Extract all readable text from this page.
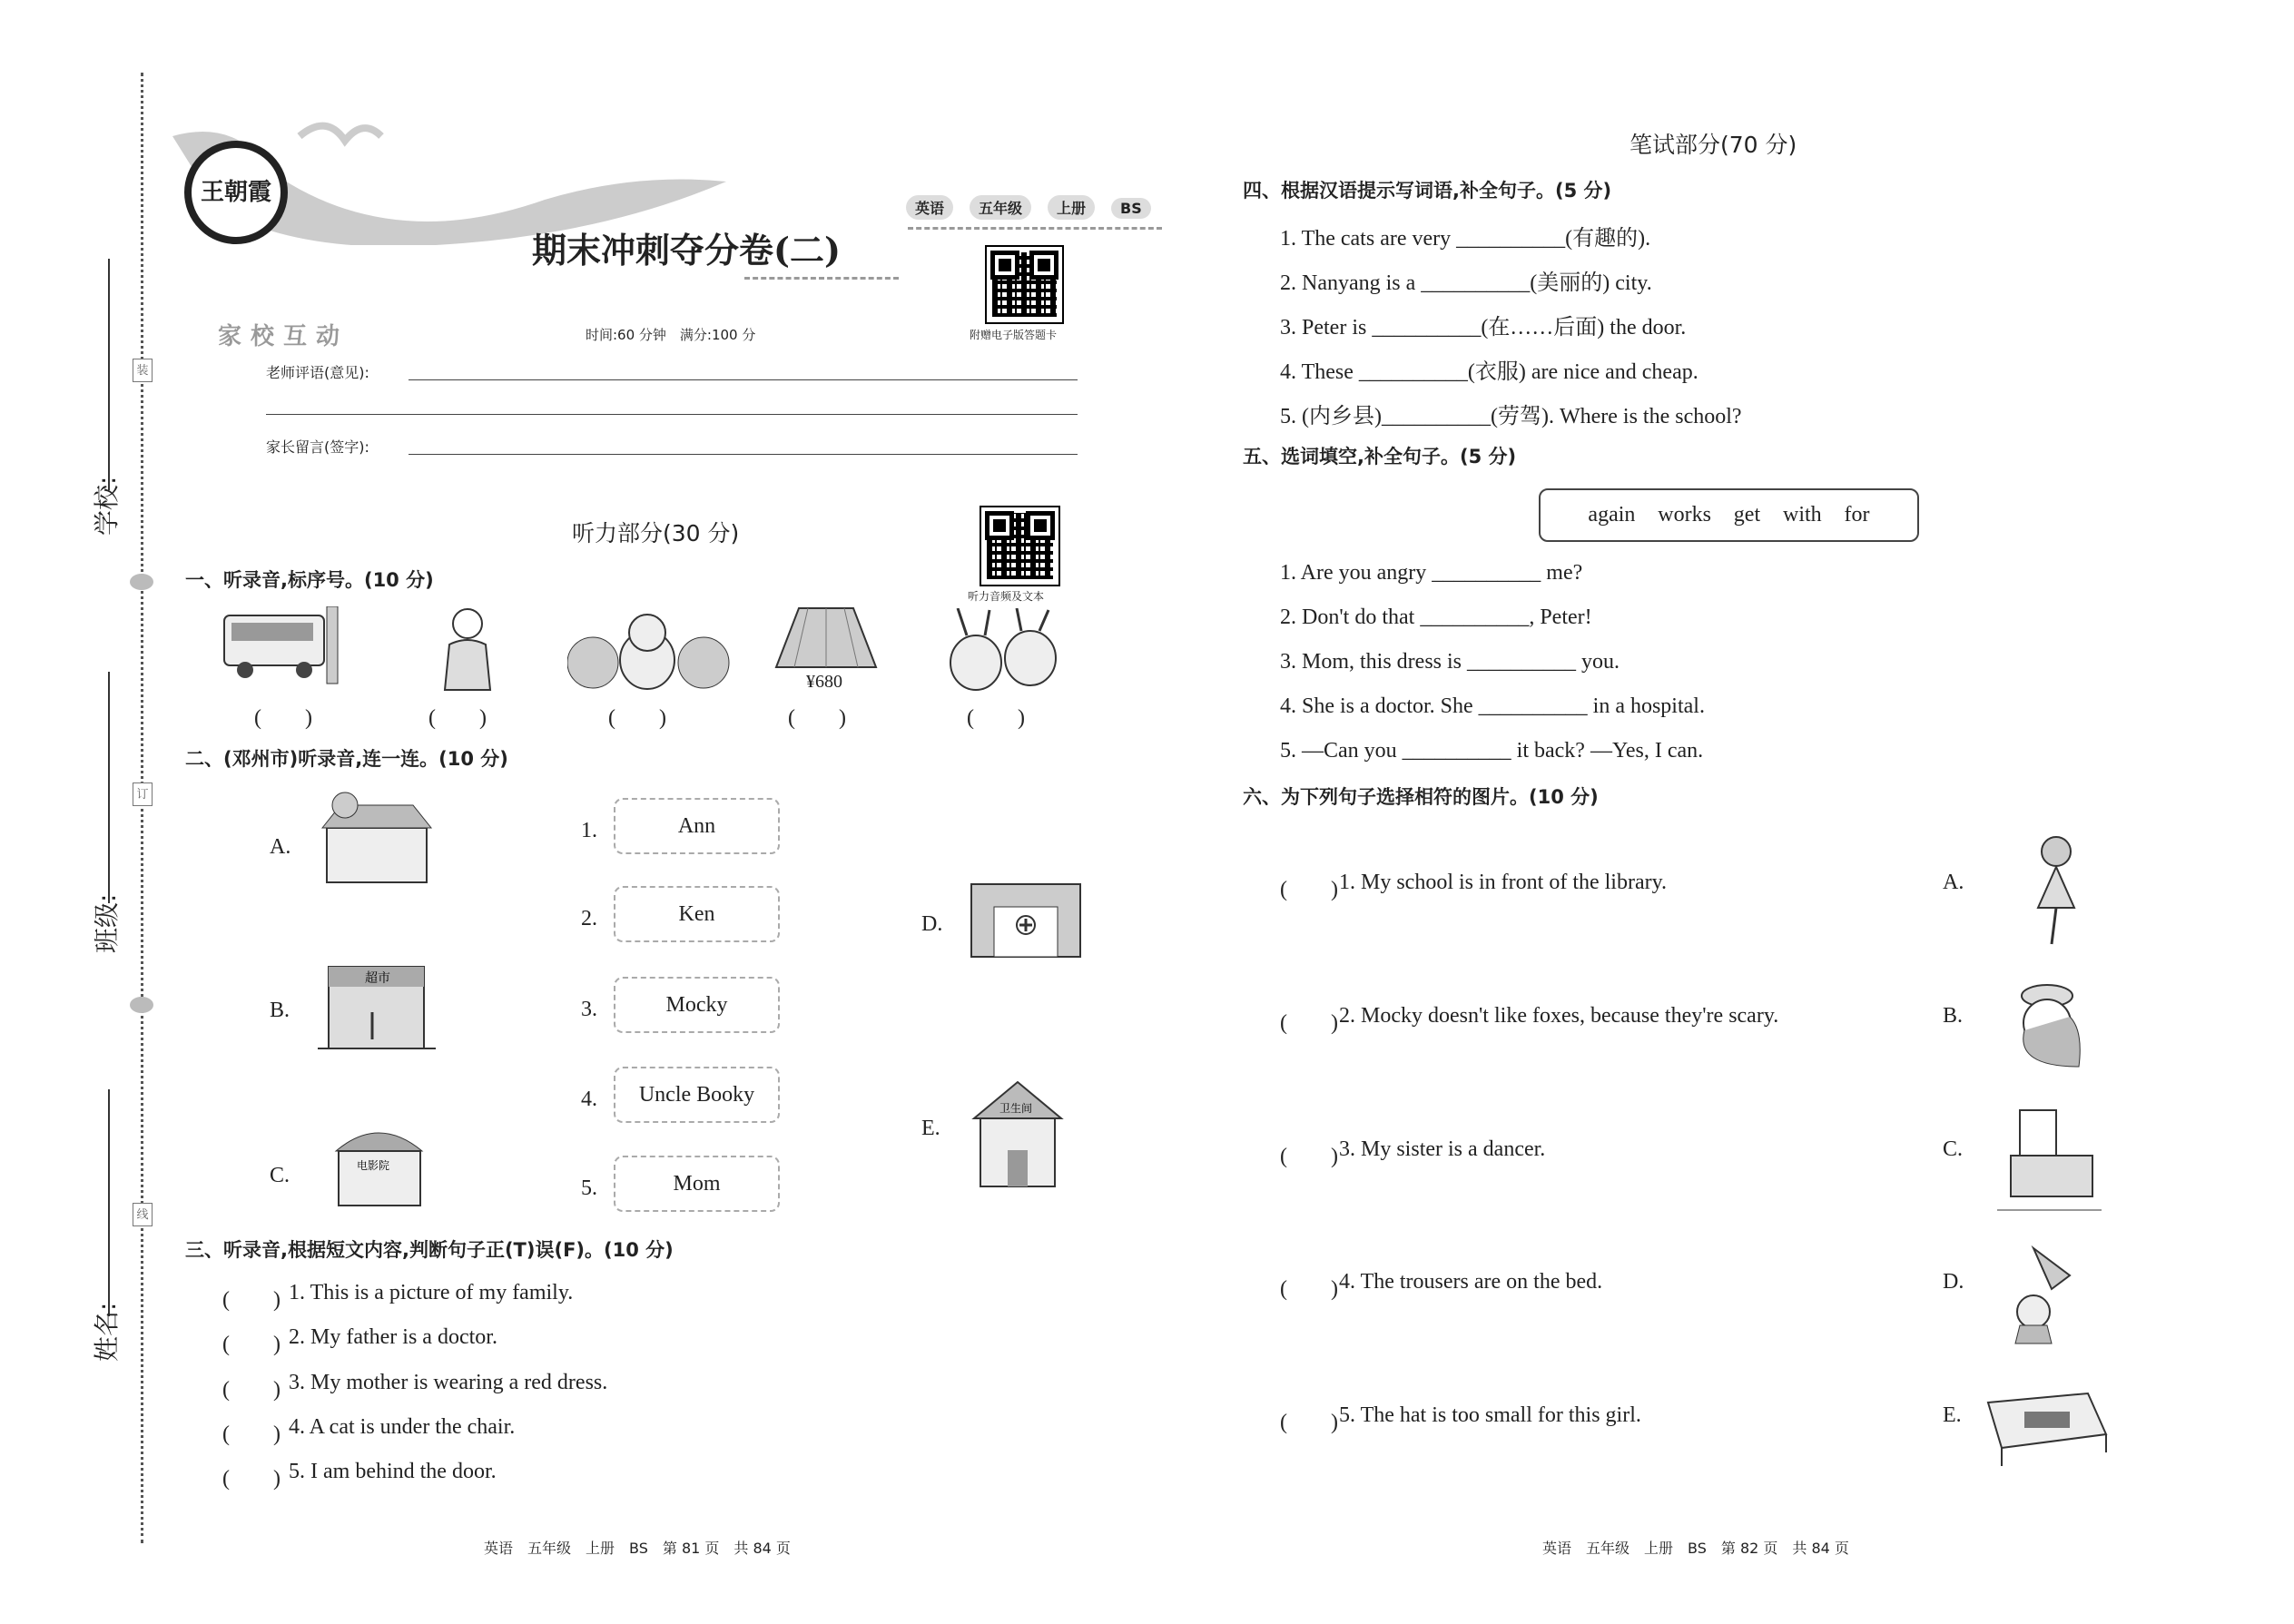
学校:
班级:
姓名:
装
订
线
王朝霞
英语 五年级 上册 BS
期末冲刺夺分卷(二)
附赠电子版答题卡
家校互动	时间:60 分钟　满分:100 分
老师评语(意见):
家长留言(签字):
听力部分(30 分)
听力音频及文本
一、听录音,标序号。(10 分)
¥680
(　　)	(　　)	(　　)	(　　)	(　　)
二、(邓州市)听录音,连一连。(10 分)
A.
B.
C.
D.
E.
超市
电影院
卫生间
1.	Ann
2.	Ken
3.	Mocky
4.	Uncle Booky
5.	Mom
三、听录音,根据短文内容,判断句子正(T)误(F)。(10 分)
(　　) 1. This is a picture of my family.
(　　) 2. My father is a doctor.
(　　) 3. My mother is wearing a red dress.
(　　) 4. A cat is under the chair.
(　　) 5. I am behind the door.
笔试部分(70 分)
四、根据汉语提示写词语,补全句子。(5 分)
1. The cats are very __________(有趣的).
2. Nanyang is a __________(美丽的) city.
3. Peter is __________(在……后面) the door.
4. These __________(衣服) are nice and cheap.
5. (内乡县)__________(劳驾). Where is the school?
五、选词填空,补全句子。(5 分)
again works get with for
1. Are you angry __________ me?
2. Don't do that __________, Peter!
3. Mom, this dress is __________ you.
4. She is a doctor. She __________ in a hospital.
5. —Can you __________ it back? —Yes, I can.
六、为下列句子选择相符的图片。(10 分)
(　　) 1. My school is in front of the library.	A.
(　　) 2. Mocky doesn't like foxes, because they're scary.	B.
(　　) 3. My sister is a dancer.	C.
(　　) 4. The trousers are on the bed.	D.
(　　) 5. The hat is too small for this girl.	E.
英语　五年级　上册　BS　第 81 页　共 84 页	英语　五年级　上册　BS　第 82 页　共 84 页
